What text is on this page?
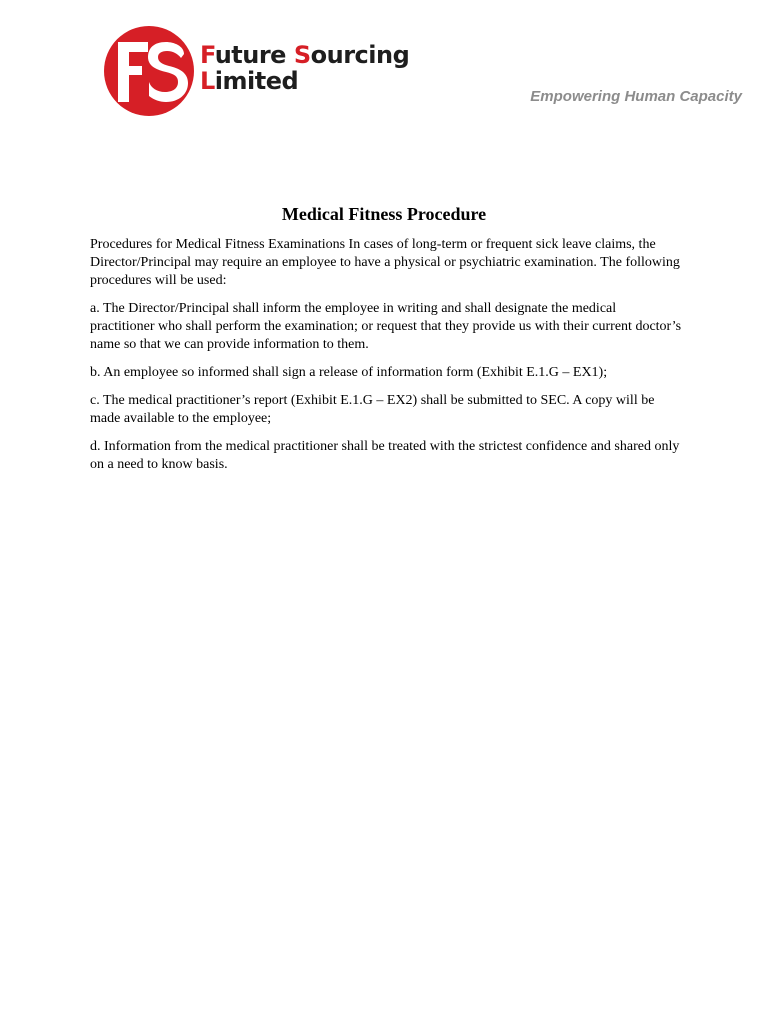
Future Sourcing
Limited
Empowering Human Capacity
Medical Fitness Procedure

Procedures for Medical Fitness Examinations In cases of long-term or frequent sick leave claims, the Director/Principal may require an employee to have a physical or psychiatric examination. The following procedures will be used:

a. The Director/Principal shall inform the employee in writing and shall designate the medical practitioner who shall perform the examination; or request that they provide us with their current doctor’s name so that we can provide information to them.

b. An employee so informed shall sign a release of information form (Exhibit E.1.G – EX1);

c. The medical practitioner’s report (Exhibit E.1.G – EX2) shall be submitted to SEC. A copy will be made available to the employee;

d. Information from the medical practitioner shall be treated with the strictest confidence and shared only on a need to know basis.
